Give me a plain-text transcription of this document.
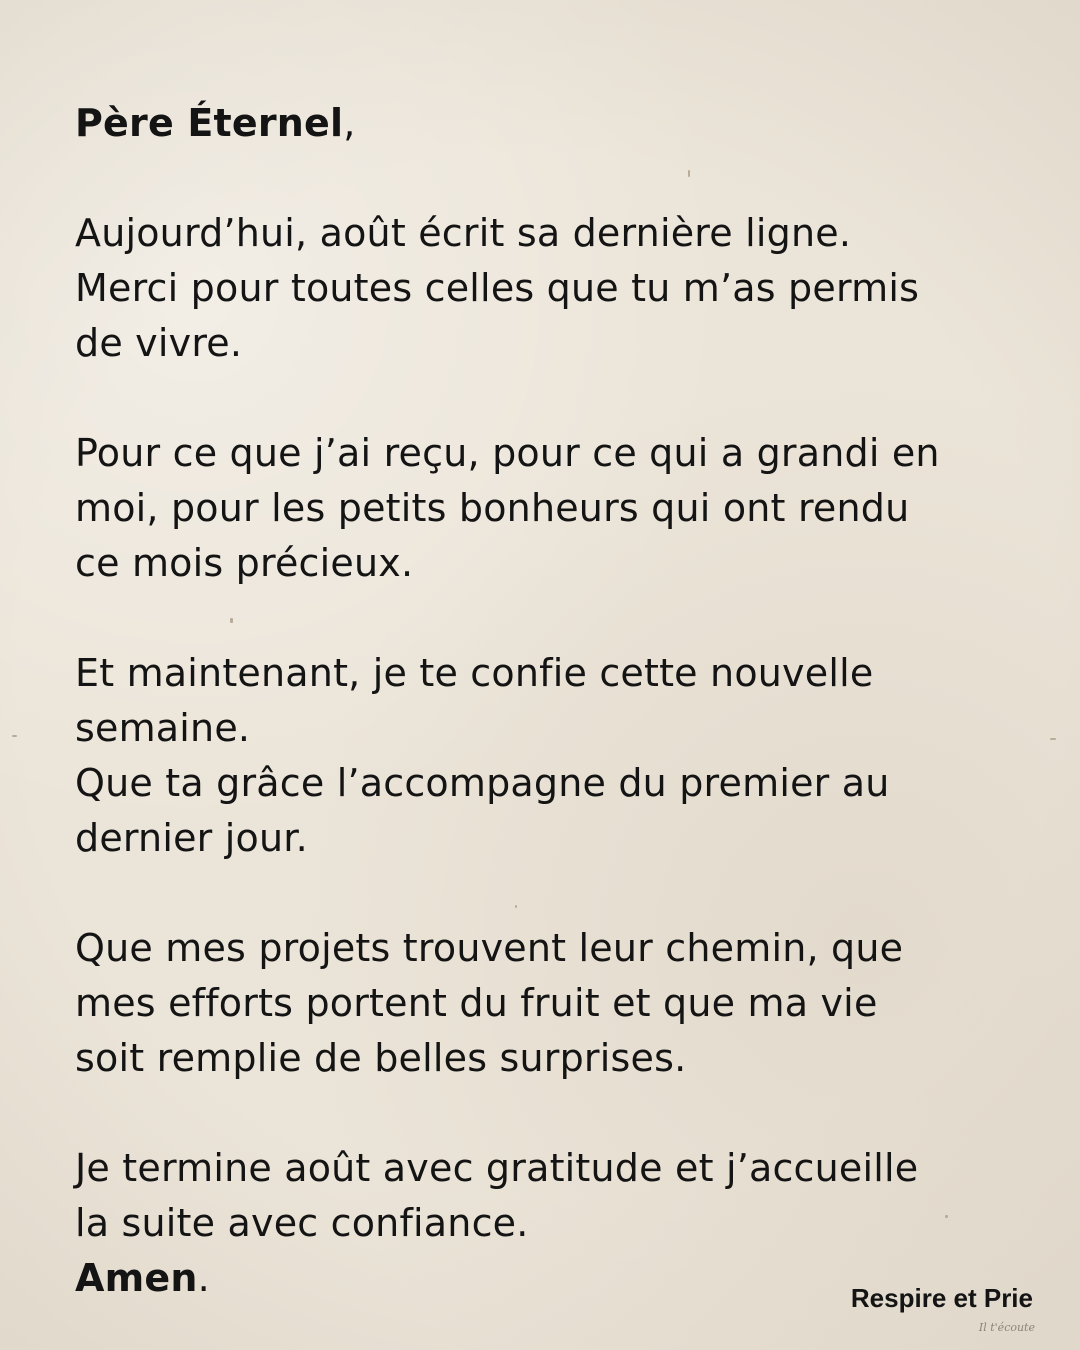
Père Éternel,

Aujourd’hui, août écrit sa dernière ligne.
Merci pour toutes celles que tu m’as permis
de vivre.

Pour ce que j’ai reçu, pour ce qui a grandi en
moi, pour les petits bonheurs qui ont rendu
ce mois précieux.

Et maintenant, je te confie cette nouvelle
semaine.
Que ta grâce l’accompagne du premier au
dernier jour.

Que mes projets trouvent leur chemin, que
mes efforts portent du fruit et que ma vie
soit remplie de belles surprises.

Je termine août avec gratitude et j’accueille
la suite avec confiance.
Amen.	Respire et Prie
Il t'écoute
